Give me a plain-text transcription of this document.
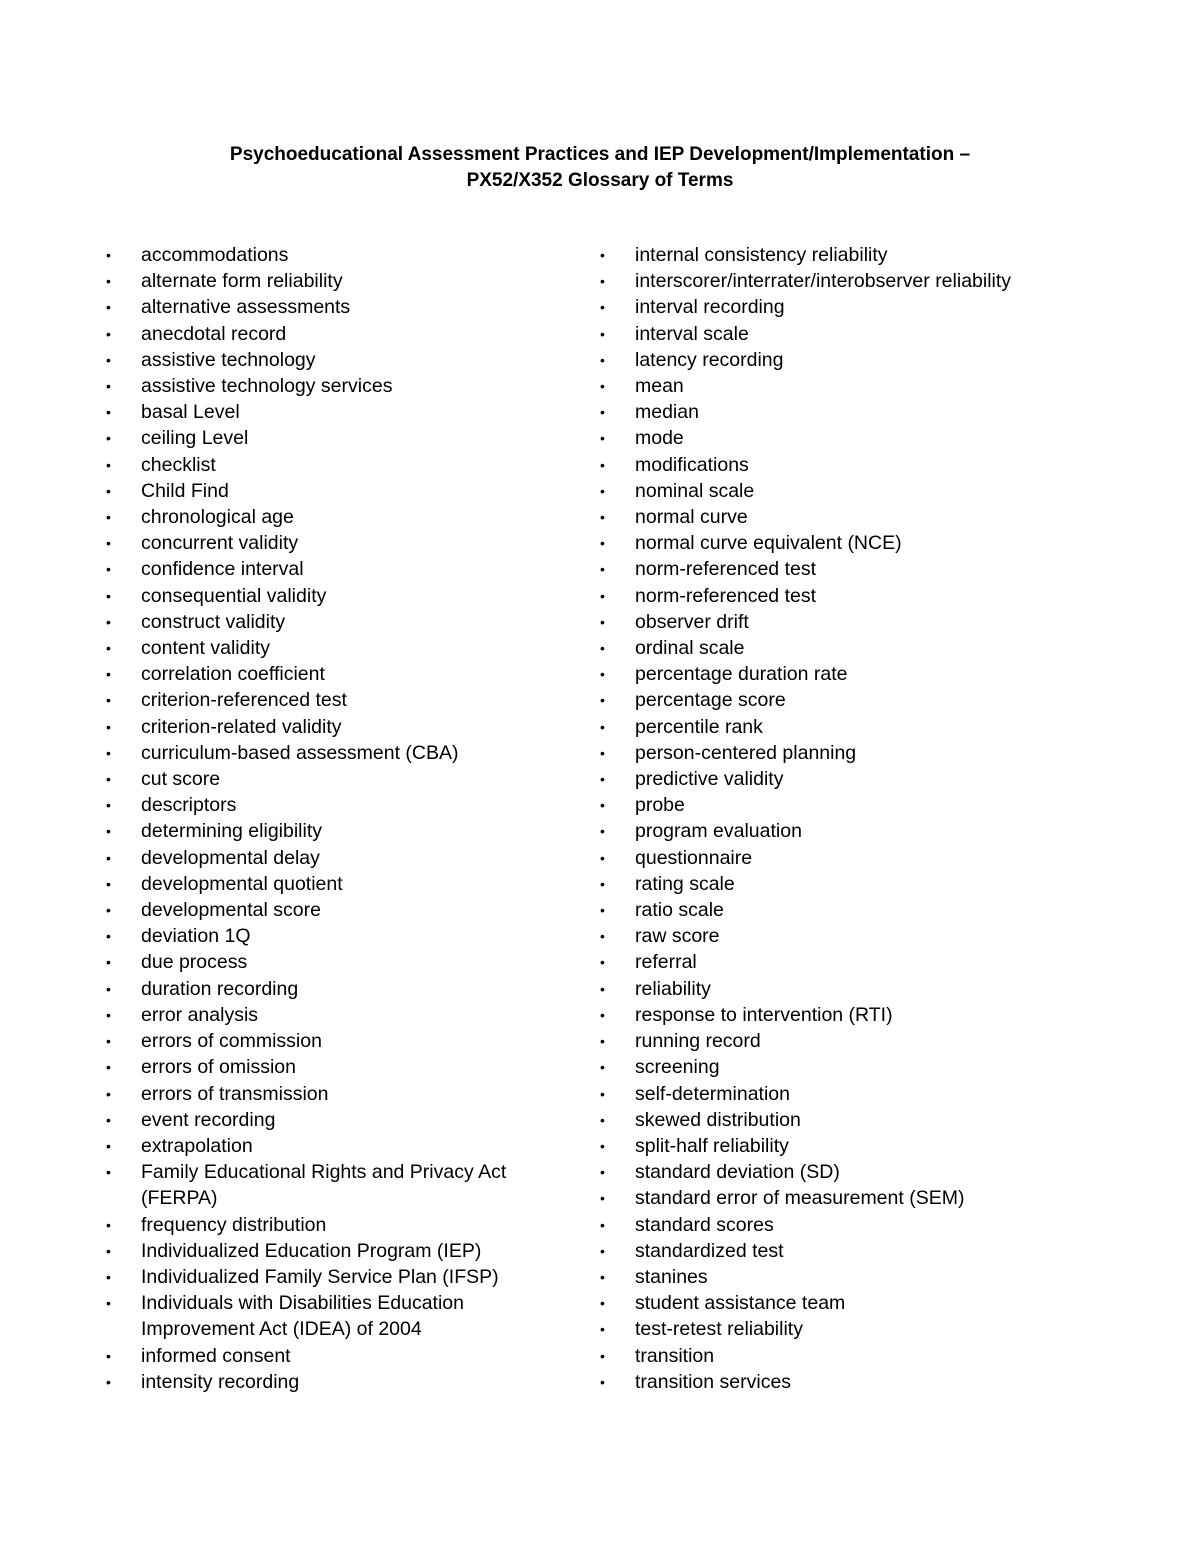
Psychoeducational Assessment Practices and IEP Development/Implementation –
PX52/X352 Glossary of Terms
• accommodations
• alternate form reliability
• alternative assessments
• anecdotal record
• assistive technology
• assistive technology services
• basal Level
• ceiling Level
• checklist
• Child Find
• chronological age
• concurrent validity
• confidence interval
• consequential validity
• construct validity
• content validity
• correlation coefficient
• criterion-referenced test
• criterion-related validity
• curriculum-based assessment (CBA)
• cut score
• descriptors
• determining eligibility
• developmental delay
• developmental quotient
• developmental score
• deviation 1Q
• due process
• duration recording
• error analysis
• errors of commission
• errors of omission
• errors of transmission
• event recording
• extrapolation
• Family Educational Rights and Privacy Act (FERPA)
• frequency distribution
• Individualized Education Program (IEP)
• Individualized Family Service Plan (IFSP)
• Individuals with Disabilities Education Improvement Act (IDEA) of 2004
• informed consent
• intensity recording
• internal consistency reliability
• interscorer/interrater/interobserver reliability
• interval recording
• interval scale
• latency recording
• mean
• median
• mode
• modifications
• nominal scale
• normal curve
• normal curve equivalent (NCE)
• norm-referenced test
• norm-referenced test
• observer drift
• ordinal scale
• percentage duration rate
• percentage score
• percentile rank
• person-centered planning
• predictive validity
• probe
• program evaluation
• questionnaire
• rating scale
• ratio scale
• raw score
• referral
• reliability
• response to intervention (RTI)
• running record
• screening
• self-determination
• skewed distribution
• split-half reliability
• standard deviation (SD)
• standard error of measurement (SEM)
• standard scores
• standardized test
• stanines
• student assistance team
• test-retest reliability
• transition
• transition services
